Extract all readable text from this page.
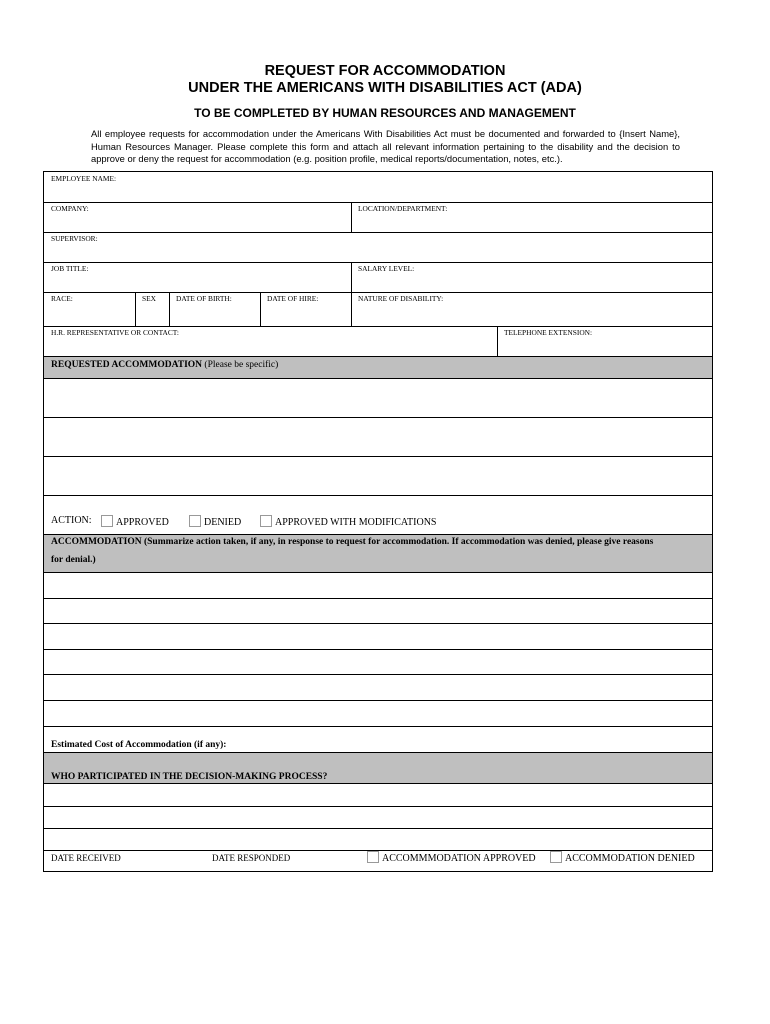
REQUEST FOR ACCOMMODATION
UNDER THE AMERICANS WITH DISABILITIES ACT (ADA)
TO BE COMPLETED BY HUMAN RESOURCES AND MANAGEMENT
All employee requests for accommodation under the Americans With Disabilities Act must be documented and forwarded to {Insert Name}, Human Resources Manager. Please complete this form and attach all relevant information pertaining to the disability and the decision to approve or deny the request for accommodation (e.g. position profile, medical reports/documentation, notes, etc.).
EMPLOYEE NAME:
COMPANY:	LOCATION/DEPARTMENT:
SUPERVISOR:
JOB TITLE:	SALARY LEVEL:
RACE:	SEX	DATE OF BIRTH:	DATE OF HIRE:	NATURE OF DISABILITY:
H.R. REPRESENTATIVE OR CONTACT:	TELEPHONE EXTENSION:
REQUESTED ACCOMMODATION (Please be specific)
ACTION:	APPROVED	DENIED	APPROVED WITH MODIFICATIONS
ACCOMMODATION (Summarize action taken, if any, in response to request for accommodation. If accommodation was denied, please give reasons
for denial.)
Estimated Cost of Accommodation (if any):
WHO PARTICIPATED IN THE DECISION-MAKING PROCESS?
DATE RECEIVED	DATE RESPONDED	ACCOMMMODATION APPROVED	ACCOMMODATION DENIED
